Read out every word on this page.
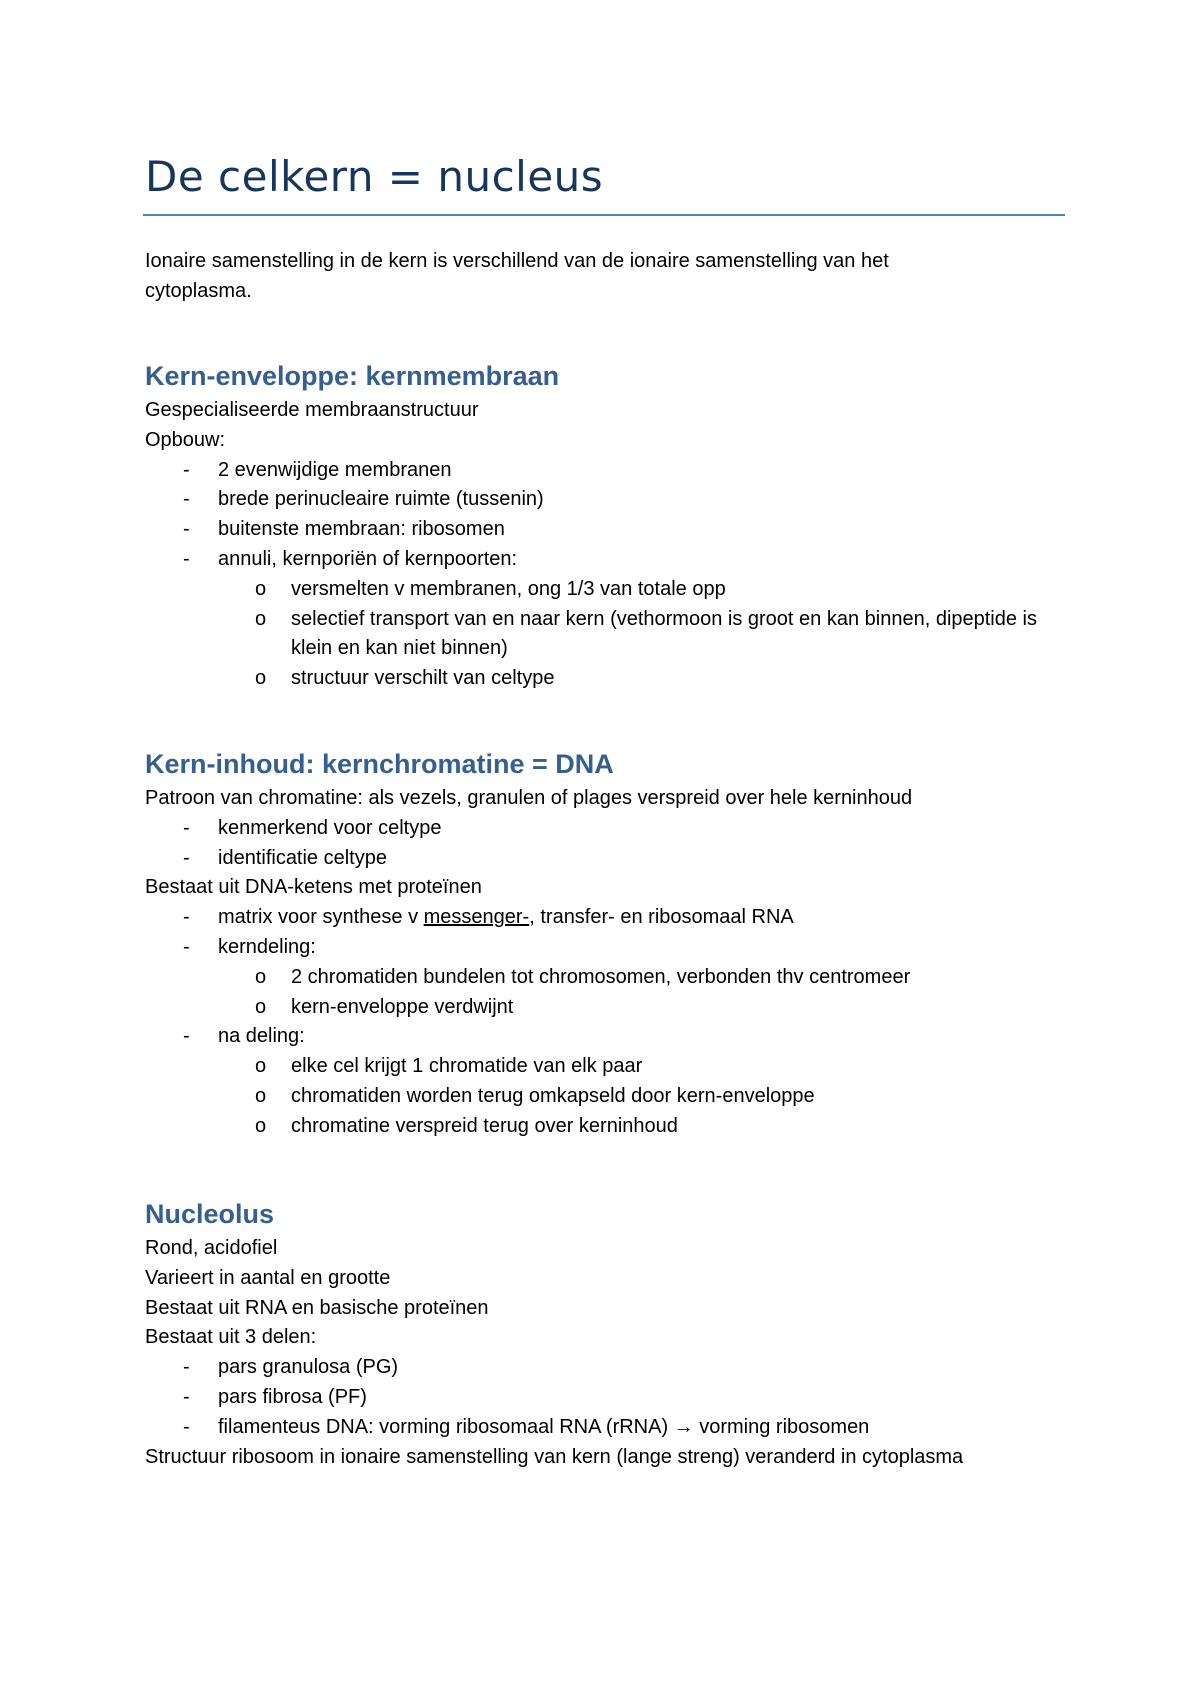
De celkern = nucleus
Ionaire samenstelling in de kern is verschillend van de ionaire samenstelling van het cytoplasma.
Kern-enveloppe: kernmembraan
Gespecialiseerde membraanstructuur
Opbouw:
- 2 evenwijdige membranen
- brede perinucleaire ruimte (tussenin)
- buitenste membraan: ribosomen
- annuli, kernporiën of kernpoorten:
o versmelten v membranen, ong 1/3 van totale opp
o selectief transport van en naar kern (vethormoon is groot en kan binnen, dipeptide is klein en kan niet binnen)
o structuur verschilt van celtype
Kern-inhoud: kernchromatine = DNA
Patroon van chromatine: als vezels, granulen of plages verspreid over hele kerninhoud
- kenmerkend voor celtype
- identificatie celtype
Bestaat uit DNA-ketens met proteïnen
- matrix voor synthese v messenger-, transfer- en ribosomaal RNA
- kerndeling:
o 2 chromatiden bundelen tot chromosomen, verbonden thv centromeer
o kern-enveloppe verdwijnt
- na deling:
o elke cel krijgt 1 chromatide van elk paar
o chromatiden worden terug omkapseld door kern-enveloppe
o chromatine verspreid terug over kerninhoud
Nucleolus
Rond, acidofiel
Varieert in aantal en grootte
Bestaat uit RNA en basische proteïnen
Bestaat uit 3 delen:
- pars granulosa (PG)
- pars fibrosa (PF)
- filamenteus DNA: vorming ribosomaal RNA (rRNA) → vorming ribosomen
Structuur ribosoom in ionaire samenstelling van kern (lange streng) veranderd in cytoplasma
